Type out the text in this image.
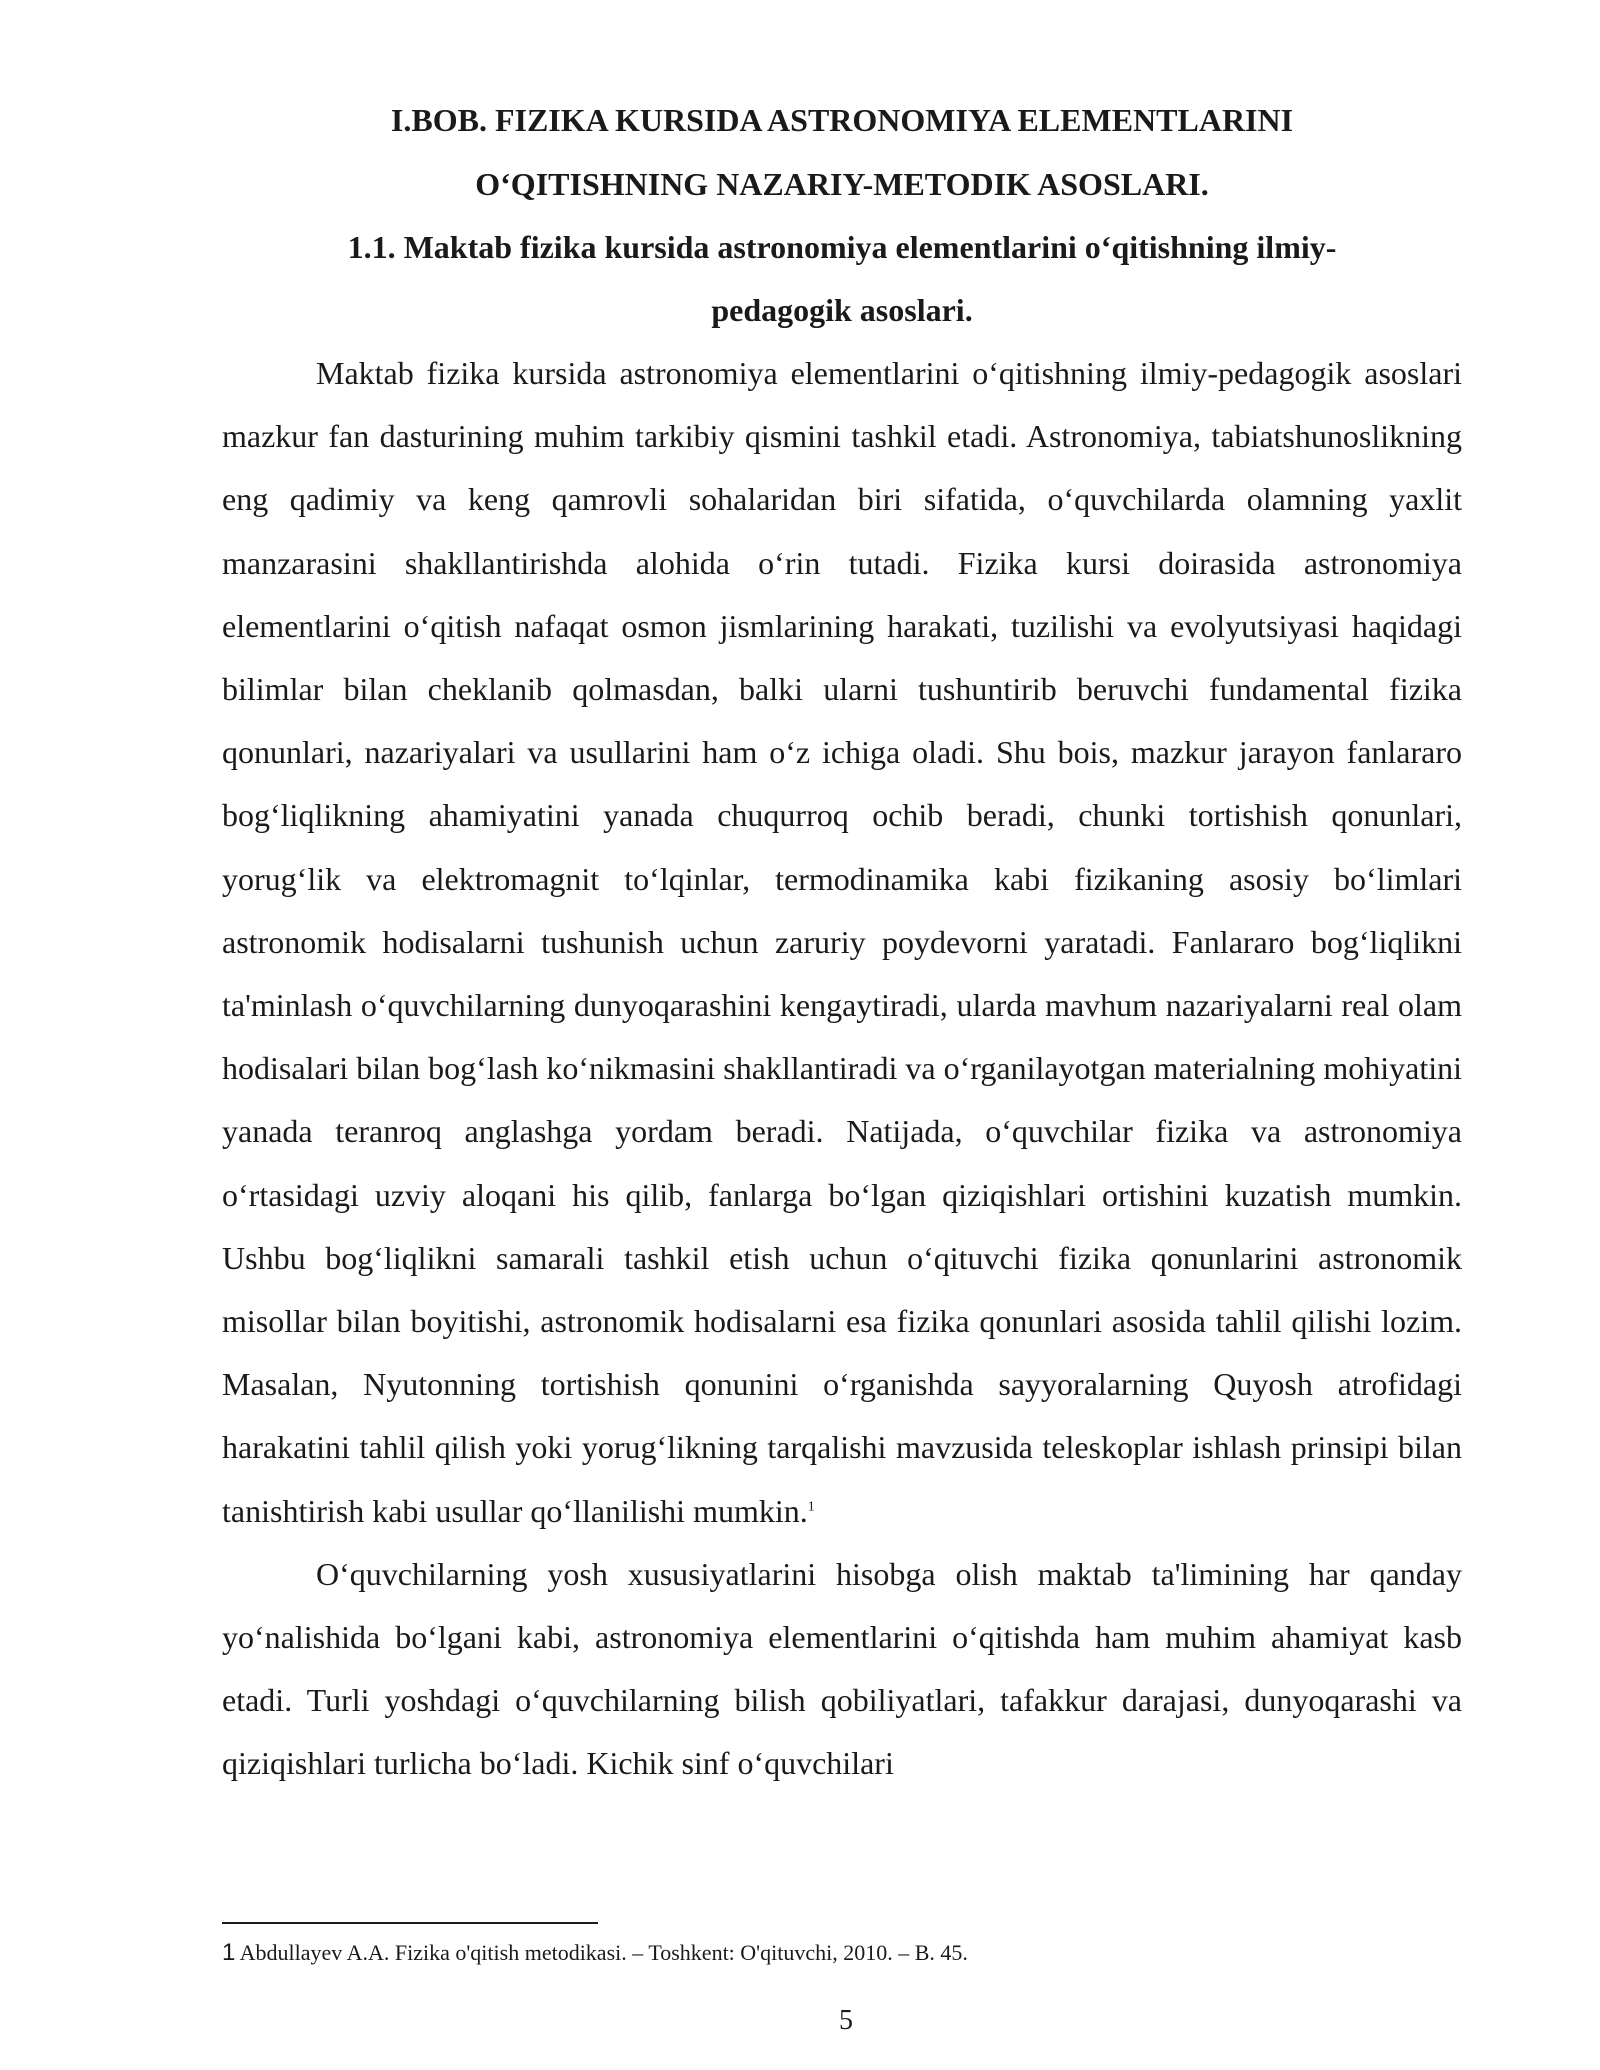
I.BOB. FIZIKA KURSIDA ASTRONOMIYA ELEMENTLARINI

O‘QITISHNING NAZARIY-METODIK ASOSLARI.

1.1. Maktab fizika kursida astronomiya elementlarini o‘qitishning ilmiy-

pedagogik asoslari.

Maktab fizika kursida astronomiya elementlarini o‘qitishning ilmiy-pedagogik asoslari mazkur fan dasturining muhim tarkibiy qismini tashkil etadi. Astronomiya, tabiatshunoslikning eng qadimiy va keng qamrovli sohalaridan biri sifatida, o‘quvchilarda olamning yaxlit manzarasini shakllantirishda alohida o‘rin tutadi. Fizika kursi doirasida astronomiya elementlarini o‘qitish nafaqat osmon jismlarining harakati, tuzilishi va evolyutsiyasi haqidagi bilimlar bilan cheklanib qolmasdan, balki ularni tushuntirib beruvchi fundamental fizika qonunlari, nazariyalari va usullarini ham o‘z ichiga oladi. Shu bois, mazkur jarayon fanlararo bog‘liqlikning ahamiyatini yanada chuqurroq ochib beradi, chunki tortishish qonunlari, yorug‘lik va elektromagnit to‘lqinlar, termodinamika kabi fizikaning asosiy bo‘limlari astronomik hodisalarni tushunish uchun zaruriy poydevorni yaratadi. Fanlararo bog‘liqlikni ta'minlash o‘quvchilarning dunyoqarashini kengaytiradi, ularda mavhum nazariyalarni real olam hodisalari bilan bog‘lash ko‘nikmasini shakllantiradi va o‘rganilayotgan materialning mohiyatini yanada teranroq anglashga yordam beradi. Natijada, o‘quvchilar fizika va astronomiya o‘rtasidagi uzviy aloqani his qilib, fanlarga bo‘lgan qiziqishlari ortishini kuzatish mumkin. Ushbu bog‘liqlikni samarali tashkil etish uchun o‘qituvchi fizika qonunlarini astronomik misollar bilan boyitishi, astronomik hodisalarni esa fizika qonunlari asosida tahlil qilishi lozim. Masalan, Nyutonning tortishish qonunini o‘rganishda sayyoralarning Quyosh atrofidagi harakatini tahlil qilish yoki yorug‘likning tarqalishi mavzusida teleskoplar ishlash prinsipi bilan tanishtirish kabi usullar qo‘llanilishi mumkin.$^1$

O‘quvchilarning yosh xususiyatlarini hisobga olish maktab ta'limining har qanday yo‘nalishida bo‘lgani kabi, astronomiya elementlarini o‘qitishda ham muhim ahamiyat kasb etadi. Turli yoshdagi o‘quvchilarning bilish qobiliyatlari, tafakkur darajasi, dunyoqarashi va qiziqishlari turlicha bo‘ladi. Kichik sinf o‘quvchilari

1 Abdullayev A.A. Fizika o'qitish metodikasi. – Toshkent: O'qituvchi, 2010. – B. 45.
5
